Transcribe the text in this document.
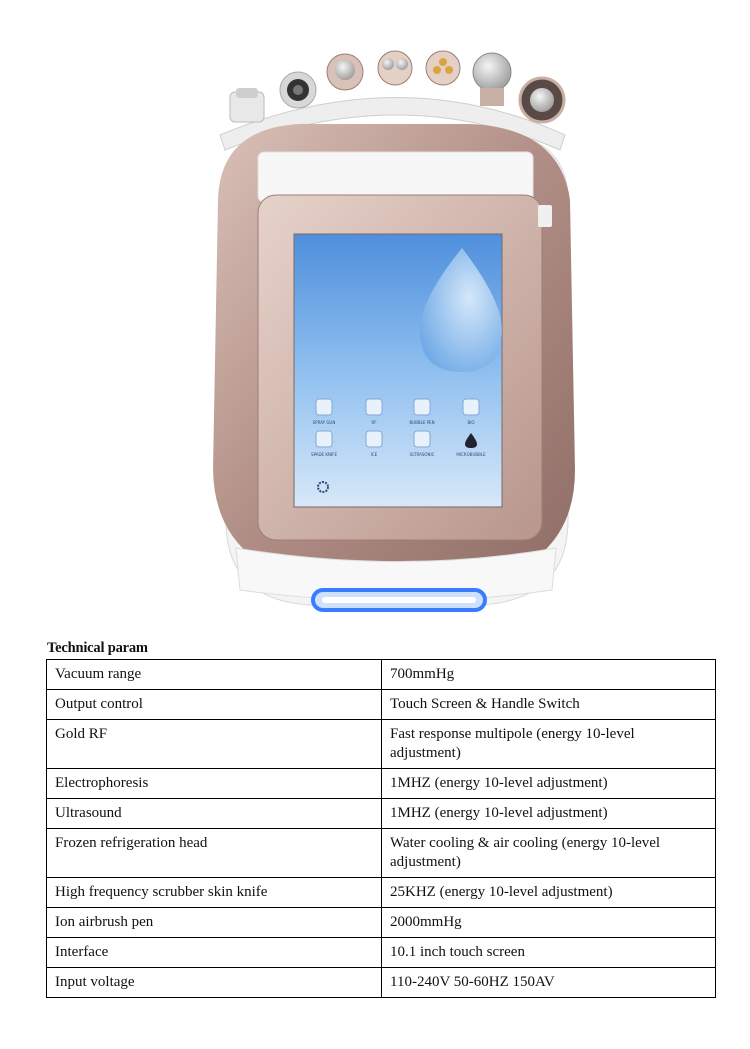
SPRAY GUN	RF	BUBBLE PEN	BIO
SPADE KNIFE	ICE	ULTRASONIC	MICROBUBBLE
Technical param
Vacuum range	700mmHg
Output control	Touch Screen & Handle Switch
Gold RF	Fast response multipole (energy 10-level adjustment)
Electrophoresis	1MHZ (energy 10-level adjustment)
Ultrasound	1MHZ (energy 10-level adjustment)
Frozen refrigeration head	Water cooling & air cooling (energy 10-level adjustment)
High frequency scrubber skin knife	25KHZ (energy 10-level adjustment)
Ion airbrush pen	2000mmHg
Interface	10.1 inch touch screen
Input voltage	110-240V 50-60HZ 150AV
